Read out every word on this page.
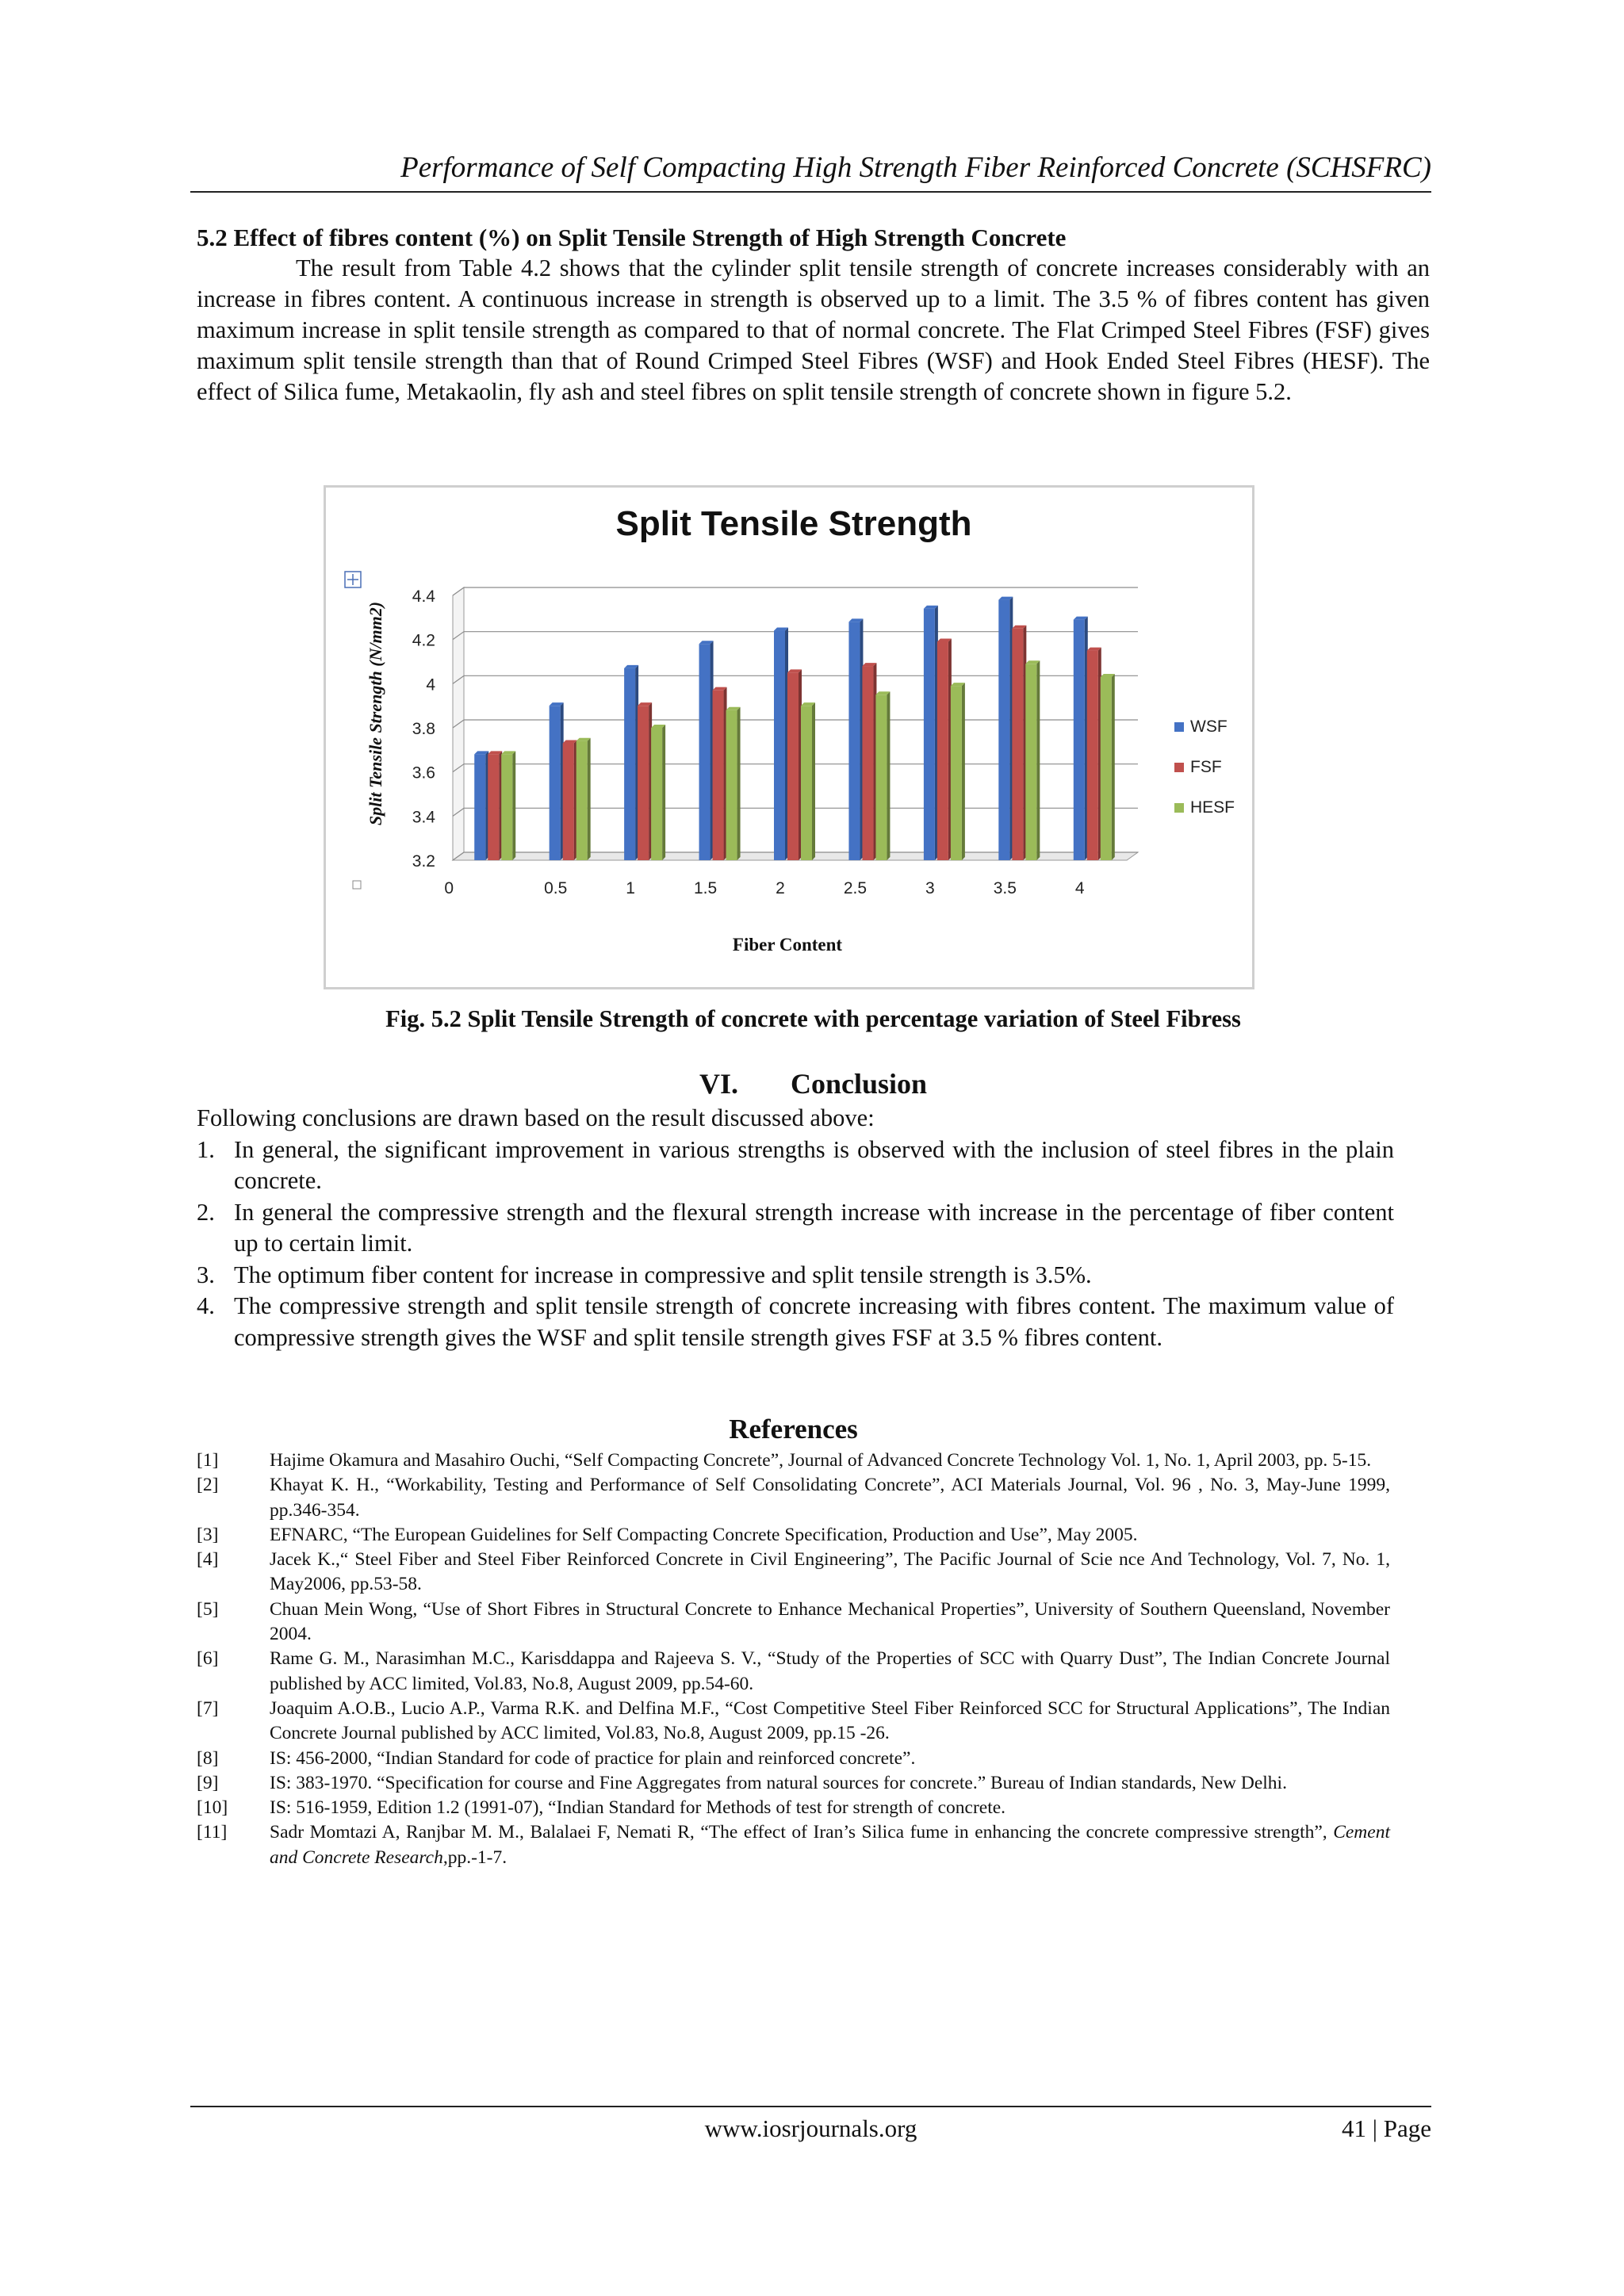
Performance of Self Compacting High Strength Fiber Reinforced Concrete (SCHSFRC)

5.2 Effect of fibres content (%) on Split Tensile Strength of High Strength Concrete

The result from Table 4.2 shows that the cylinder split tensile strength of concrete increases considerably with an increase in fibres content. A continuous increase in strength is observed up to a limit. The 3.5 % of fibres content has given maximum increase in split tensile strength as compared to that of normal concrete. The Flat Crimped Steel Fibres (FSF) gives maximum split tensile strength than that of Round Crimped Steel Fibres (WSF) and Hook Ended Steel Fibres (HESF). The effect of Silica fume, Metakaolin, fly ash and steel fibres on split tensile strength of concrete shown in figure 5.2.

Split Tensile Strength
Split Tensile Strength (N/mm2)
Fiber Content
4.4
4.2
4
3.8
3.6
3.4
3.2
0	0.5	1	1.5	2	2.5	3	3.5	4
WSF
FSF
HESF
Fig. 5.2 Split Tensile Strength of concrete with percentage variation of Steel Fibress
VI. Conclusion
Following conclusions are drawn based on the result discussed above:
1. In general, the significant improvement in various strengths is observed with the inclusion of steel fibres in the plain concrete.
2. In general the compressive strength and the flexural strength increase with increase in the percentage of fiber content up to certain limit.
3. The optimum fiber content for increase in compressive and split tensile strength is 3.5%.
4. The compressive strength and split tensile strength of concrete increasing with fibres content. The maximum value of compressive strength gives the WSF and split tensile strength gives FSF at 3.5 % fibres content.
References
[1]	Hajime Okamura and Masahiro Ouchi, “Self Compacting Concrete”, Journal of Advanced Concrete Technology Vol. 1, No. 1, April 2003, pp. 5-15.
[2]	Khayat K. H., “Workability, Testing and Performance of Self Consolidating Concrete”, ACI Materials Journal, Vol. 96 , No. 3, May-June 1999, pp.346-354.
[3]	EFNARC, “The European Guidelines for Self Compacting Concrete Specification, Production and Use”, May 2005.
[4]	Jacek K.,“ Steel Fiber and Steel Fiber Reinforced Concrete in Civil Engineering”, The Pacific Journal of Scie nce And Technology, Vol. 7, No. 1, May2006, pp.53-58.
[5]	Chuan Mein Wong, “Use of Short Fibres in Structural Concrete to Enhance Mechanical Properties”, University of Southern Queensland, November 2004.
[6]	Rame G. M., Narasimhan M.C., Karisddappa and Rajeeva S. V., “Study of the Properties of SCC with Quarry Dust”, The Indian Concrete Journal published by ACC limited, Vol.83, No.8, August 2009, pp.54-60.
[7]	Joaquim A.O.B., Lucio A.P., Varma R.K. and Delfina M.F., “Cost Competitive Steel Fiber Reinforced SCC for Structural Applications”, The Indian Concrete Journal published by ACC limited, Vol.83, No.8, August 2009, pp.15 -26.
[8]	IS: 456-2000, “Indian Standard for code of practice for plain and reinforced concrete”.
[9]	IS: 383-1970. “Specification for course and Fine Aggregates from natural sources for concrete.” Bureau of Indian standards, New Delhi.
[10] IS: 516-1959, Edition 1.2 (1991-07), “Indian Standard for Methods of test for strength of concrete.
[11] Sadr Momtazi A, Ranjbar M. M., Balalaei F, Nemati R, “The effect of Iran’s Silica fume in enhancing the concrete compressive strength”, Cement and Concrete Research,pp.-1-7.
www.iosrjournals.org	41 | Page
